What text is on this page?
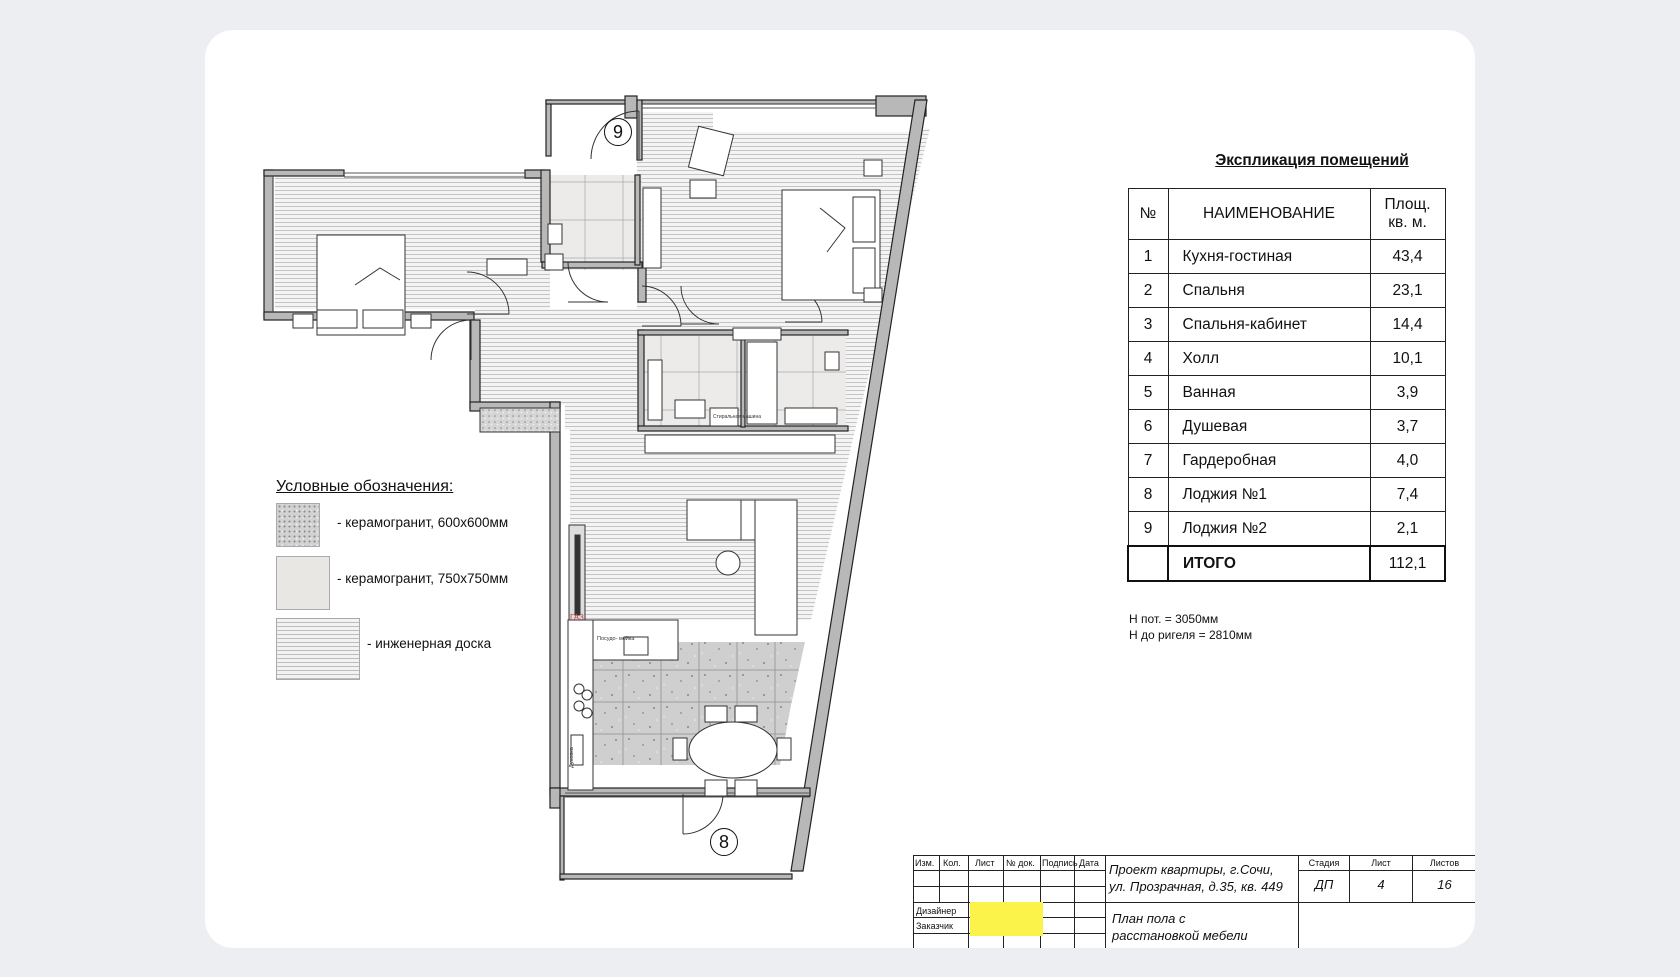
ГАЗ
Посудо- мойка
Духовка
Стиральная машина
9
8
Условные обозначения:
- керамогранит, 600x600мм
- керамогранит, 750x750мм
- инженерная доска
Экспликация помещений
№	НАИМЕНОВАНИЕ	Площ.
кв. м.
1	Кухня-гостиная	43,4
2	Спальня	23,1
3	Спальня-кабинет	14,4
4	Холл	10,1
5	Ванная	3,9
6	Душевая	3,7
7	Гардеробная	4,0
8	Лоджия №1	7,4
9	Лоджия №2	2,1
	ИТОГО	112,1
Н пот. = 3050мм
Н до ригеля = 2810мм
Изм. Кол. Лист № док. Подпись Дата
Дизайнер
Заказчик
Проект квартиры, г.Сочи,
ул. Прозрачная, д.35, кв. 449
План пола с
расстановкой мебели
Стадия	Лист	Листов
ДП	4	16
